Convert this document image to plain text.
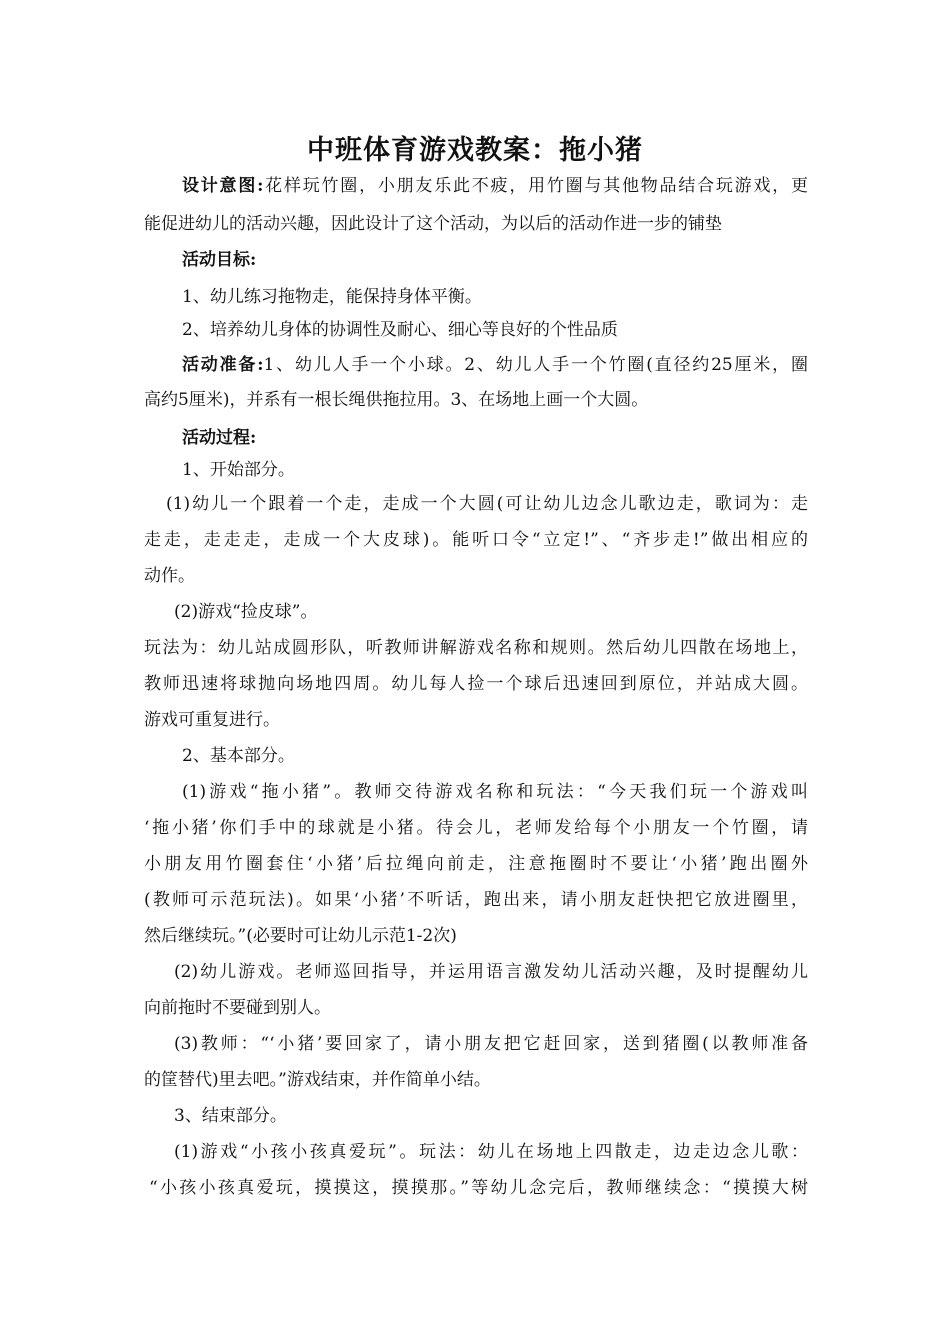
中班体育游戏教案：拖小猪
设计意图:花样玩竹圈，小朋友乐此不疲，用竹圈与其他物品结合玩游戏，更
能促进幼儿的活动兴趣，因此设计了这个活动，为以后的活动作进一步的铺垫
活动目标:
1、幼儿练习拖物走，能保持身体平衡。
2、培养幼儿身体的协调性及耐心、细心等良好的个性品质
活动准备:1、幼儿人手一个小球。2、幼儿人手一个竹圈(直径约25厘米，圈
高约5厘米)，并系有一根长绳供拖拉用。3、在场地上画一个大圆。
活动过程:
1、开始部分。
(1)幼儿一个跟着一个走，走成一个大圆(可让幼儿边念儿歌边走，歌词为：走
走走，走走走，走成一个大皮球)。能听口令“立定!”、“齐步走!”做出相应的
动作。
(2)游戏“捡皮球”。
玩法为：幼儿站成圆形队，听教师讲解游戏名称和规则。然后幼儿四散在场地上，
教师迅速将球抛向场地四周。幼儿每人捡一个球后迅速回到原位，并站成大圆。
游戏可重复进行。
2、基本部分。
(1)游戏“拖小猪”。教师交待游戏名称和玩法：“今天我们玩一个游戏叫
‘拖小猪’你们手中的球就是小猪。待会儿，老师发给每个小朋友一个竹圈，请
小朋友用竹圈套住‘小猪’后拉绳向前走，注意拖圈时不要让‘小猪’跑出圈外
(教师可示范玩法)。如果‘小猪’不听话，跑出来，请小朋友赶快把它放进圈里，
然后继续玩。”(必要时可让幼儿示范1-2次)
(2)幼儿游戏。老师巡回指导，并运用语言激发幼儿活动兴趣，及时提醒幼儿
向前拖时不要碰到别人。
(3)教师：“‘小猪’要回家了，请小朋友把它赶回家，送到猪圈(以教师准备
的筐替代)里去吧。”游戏结束，并作简单小结。
3、结束部分。
(1)游戏“小孩小孩真爱玩”。玩法：幼儿在场地上四散走，边走边念儿歌：
“小孩小孩真爱玩，摸摸这，摸摸那。”等幼儿念完后，教师继续念：“摸摸大树
